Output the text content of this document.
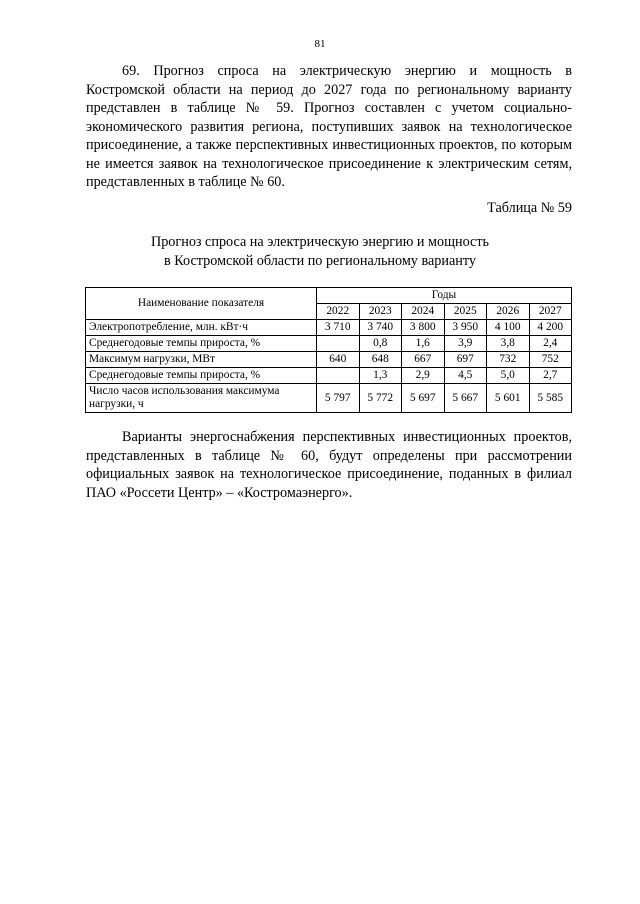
81
69. Прогноз спроса на электрическую энергию и мощность в Костромской области на период до 2027 года по региональному варианту представлен в таблице № 59. Прогноз составлен с учетом социально-экономического развития региона, поступивших заявок на технологическое присоединение, а также перспективных инвестиционных проектов, по которым не имеется заявок на технологическое присоединение к электрическим сетям, представленных в таблице № 60.
Таблица № 59
Прогноз спроса на электрическую энергию и мощность
в Костромской области по региональному варианту
Наименование показателя	Годы					
	2022	2023	2024	2025	2026	2027
Электропотребление, млн. кВт·ч	3 710	3 740	3 800	3 950	4 100	4 200
Среднегодовые темпы прироста, %		0,8	1,6	3,9	3,8	2,4
Максимум нагрузки, МВт	640	648	667	697	732	752
Среднегодовые темпы прироста, %		1,3	2,9	4,5	5,0	2,7
Число часов использования максимума нагрузки, ч	5 797	5 772	5 697	5 667	5 601	5 585
Варианты энергоснабжения перспективных инвестиционных проектов, представленных в таблице № 60, будут определены при рассмотрении официальных заявок на технологическое присоединение, поданных в филиал ПАО «Россети Центр» – «Костромаэнерго».
